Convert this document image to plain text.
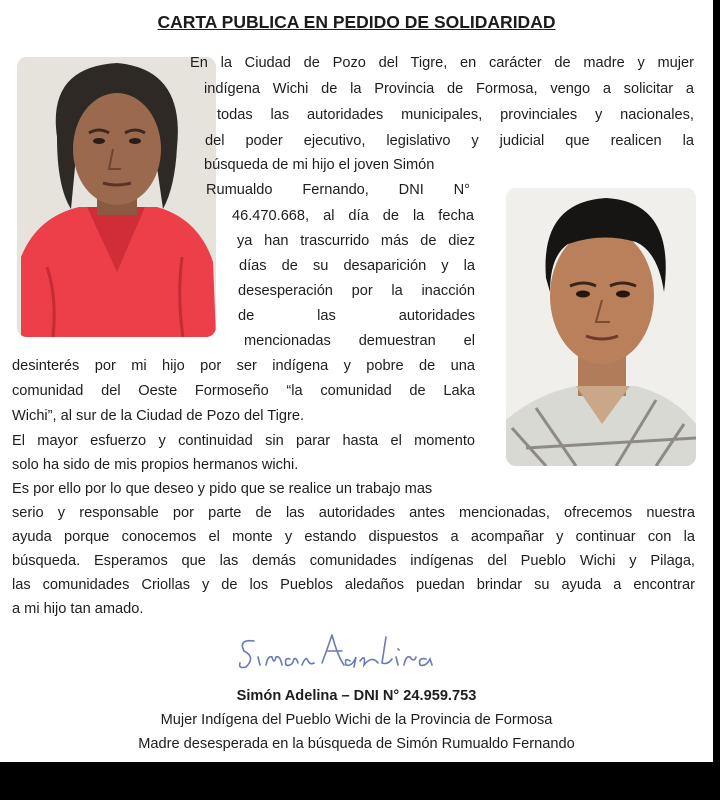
CARTA PUBLICA EN PEDIDO DE SOLIDARIDAD
En la Ciudad de Pozo del Tigre, en carácter de madre y mujer
indígena Wichi de la Provincia de Formosa, vengo a solicitar a
todas las autoridades municipales, provinciales y nacionales,
del poder ejecutivo, legislativo y judicial que realicen la
búsqueda de mi hijo el joven Simón
Rumualdo Fernando, DNI N°
46.470.668, al día de la fecha
ya han trascurrido más de diez
días de su desaparición y la
desesperación por la inacción
de las autoridades
mencionadas demuestran el
desinterés por mi hijo por ser indígena y pobre de una
comunidad del Oeste Formoseño “la comunidad de Laka
Wichi”, al sur de la Ciudad de Pozo del Tigre.
El mayor esfuerzo y continuidad sin parar hasta el momento
solo ha sido de mis propios hermanos wichi.
Es por ello por lo que deseo y pido que se realice un trabajo mas
serio y responsable por parte de las autoridades antes mencionadas, ofrecemos nuestra
ayuda porque conocemos el monte y estando dispuestos a acompañar y continuar con la
búsqueda. Esperamos que las demás comunidades indígenas del Pueblo Wichi y Pilaga,
las comunidades Criollas y de los Pueblos aledaños puedan brindar su ayuda a encontrar
a mi hijo tan amado.

Simón Adelina – DNI N° 24.959.753

Mujer Indígena del Pueblo Wichi de la Provincia de Formosa

Madre desesperada en la búsqueda de Simón Rumualdo Fernando
